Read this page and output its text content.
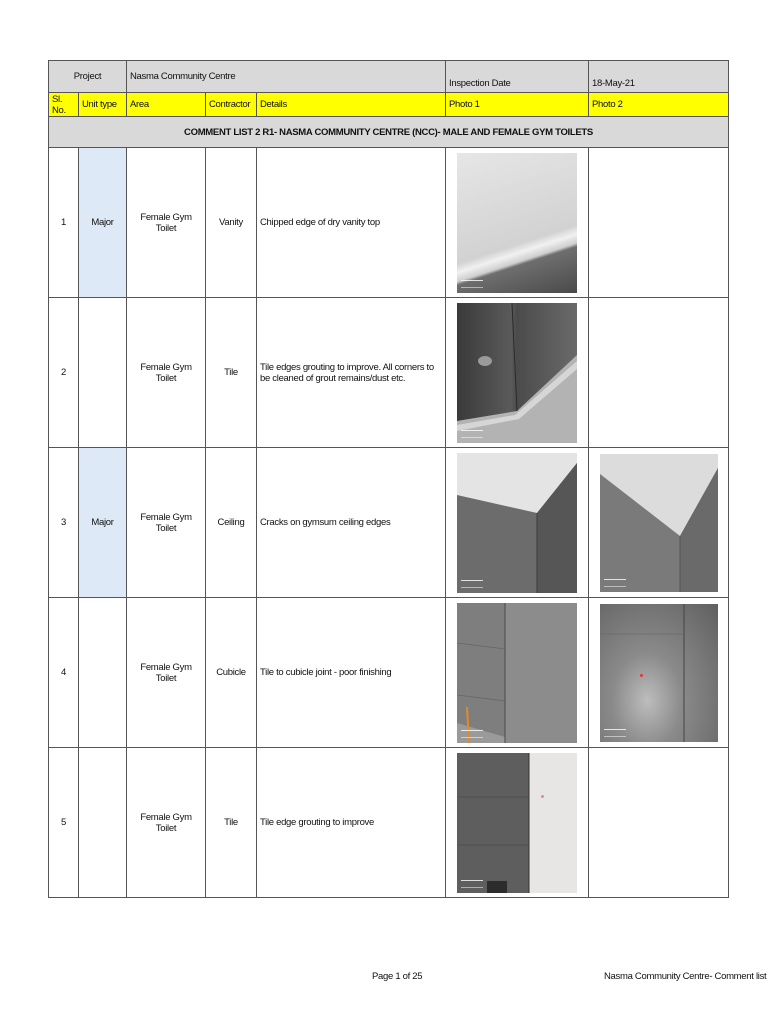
Project		Nasma Community Centre			Inspection Date	18-May-21
Sl. No.	Unit type	Area	Contractor	Details	Photo 1	Photo 2
COMMENT LIST 2 R1- NASMA COMMUNITY CENTRE (NCC)- MALE AND FEMALE GYM TOILETS						
1	Major	Female Gym Toilet	Vanity	Chipped edge of dry vanity top	

2		Female Gym Toilet	Tile	Tile edges grouting to improve. All corners to be cleaned of grout remains/dust etc.	

3	Major	Female Gym Toilet	Ceiling	Cracks on gymsum ceiling edges	

4		Female Gym Toilet	Cubicle	Tile to cubicle joint - poor finishing	

5		Female Gym Toilet	Tile	Tile edge grouting to improve	

Page 1 of 25	Nasma Community Centre- Comment list
